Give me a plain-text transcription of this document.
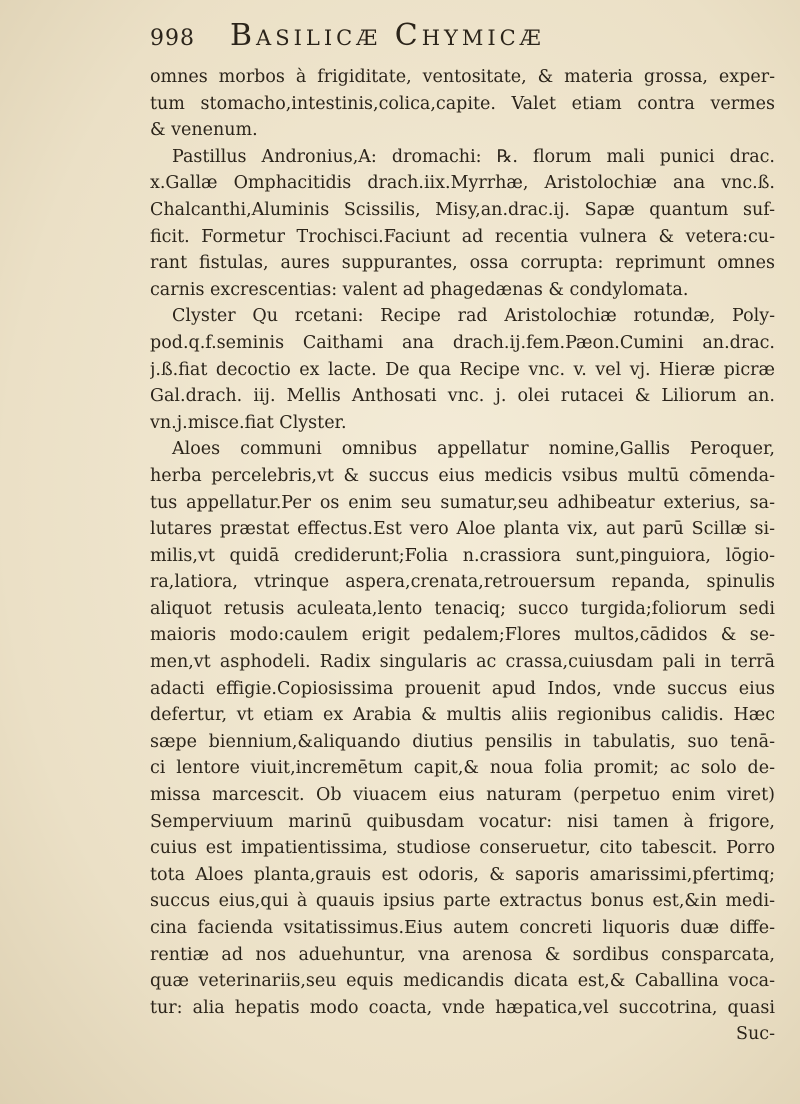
998	Basilicæ Chymicæ
omnes morbos à frigiditate, ventositate, & materia grossa, exper-
tum stomacho,intestinis,colica,capite. Valet etiam contra vermes
& venenum.
Pastillus Andronius,A: dromachi: ℞. florum mali punici drac.
x.Gallæ Omphacitidis drach.iix.Myrrhæ, Aristolochiæ ana vnc.ß.
Chalcanthi,Aluminis Scissilis, Misy,an.drac.ij. Sapæ quantum suf-
ficit. Formetur Trochisci.Faciunt ad recentia vulnera & vetera:cu-
rant fistulas, aures suppurantes, ossa corrupta: reprimunt omnes
carnis excrescentias: valent ad phagedænas & condylomata.
Clyster Qu rcetani: Recipe rad Aristolochiæ rotundæ, Poly-
pod.q.f.seminis Caithami ana drach.ij.fem.Pæon.Cumini an.drac.
j.ß.fiat decoctio ex lacte. De qua Recipe vnc. v. vel vj. Hieræ picræ
Gal.drach. iij. Mellis Anthosati vnc. j. olei rutacei & Liliorum an.
vn.j.misce.fiat Clyster.
Aloes communi omnibus appellatur nomine,Gallis Peroquer,
herba percelebris,vt & succus eius medicis vsibus multū cōmenda-
tus appellatur.Per os enim seu sumatur,seu adhibeatur exterius, sa-
lutares præstat effectus.Est vero Aloe planta vix, aut parū Scillæ si-
milis,vt quidā crediderunt;Folia n.crassiora sunt,pinguiora, lōgio-
ra,latiora, vtrinque aspera,crenata,retrouersum repanda, spinulis
aliquot retusis aculeata,lento tenaciq; succo turgida;foliorum sedi
maioris modo:caulem erigit pedalem;Flores multos,cādidos & se-
men,vt asphodeli. Radix singularis ac crassa,cuiusdam pali in terrā
adacti effigie.Copiosissima prouenit apud Indos, vnde succus eius
defertur, vt etiam ex Arabia & multis aliis regionibus calidis. Hæc
sæpe biennium,&aliquando diutius pensilis in tabulatis, suo tenā-
ci lentore viuit,incremētum capit,& noua folia promit; ac solo de-
missa marcescit. Ob viuacem eius naturam (perpetuo enim viret)
Semperviuum marinū quibusdam vocatur: nisi tamen à frigore,
cuius est impatientissima, studiose conseruetur, cito tabescit. Porro
tota Aloes planta,grauis est odoris, & saporis amarissimi,pfertimq;
succus eius,qui à quauis ipsius parte extractus bonus est,&in medi-
cina facienda vsitatissimus.Eius autem concreti liquoris duæ diffe-
rentiæ ad nos aduehuntur, vna arenosa & sordibus consparcata,
quæ veterinariis,seu equis medicandis dicata est,& Caballina voca-
tur: alia hepatis modo coacta, vnde hæpatica,vel succotrina, quasi
Suc-
